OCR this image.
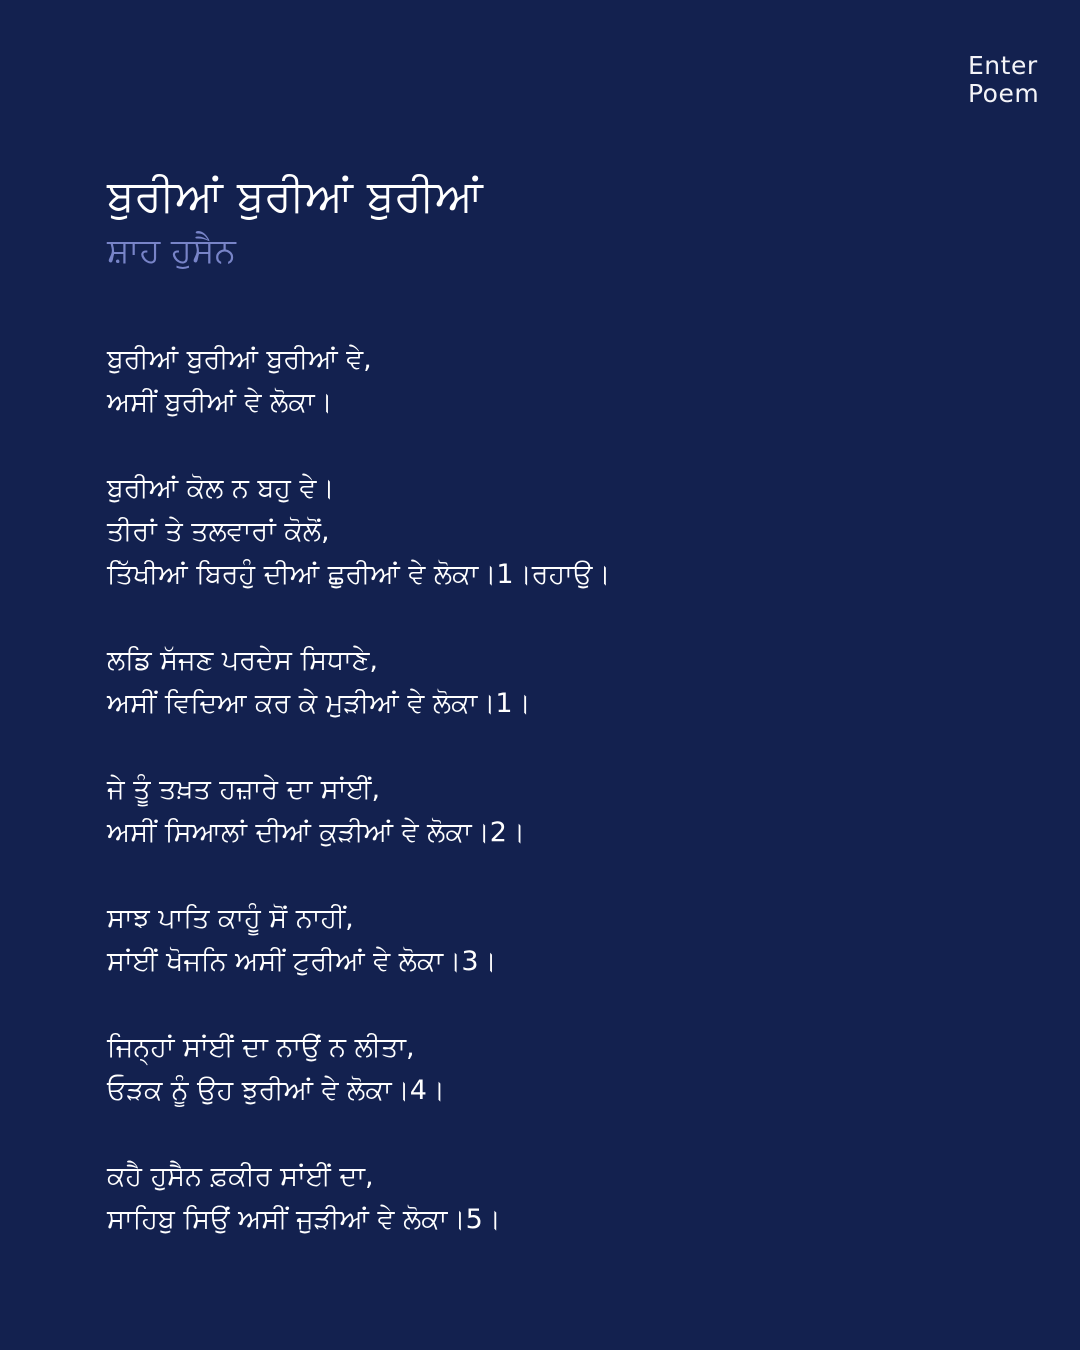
Enter
Poem
ਬੁਰੀਆਂ ਬੁਰੀਆਂ ਬੁਰੀਆਂ
ਸ਼ਾਹ ਹੁਸੈਨ
ਬੁਰੀਆਂ ਬੁਰੀਆਂ ਬੁਰੀਆਂ ਵੇ,
ਅਸੀਂ ਬੁਰੀਆਂ ਵੇ ਲੋਕਾ।
ਬੁਰੀਆਂ ਕੋਲ ਨ ਬਹੁ ਵੇ।
ਤੀਰਾਂ ਤੇ ਤਲਵਾਰਾਂ ਕੋਲੋਂ,
ਤਿੱਖੀਆਂ ਬਿਰਹੁੰ ਦੀਆਂ ਛੁਰੀਆਂ ਵੇ ਲੋਕਾ।1।ਰਹਾਉ।
ਲਡਿ ਸੱਜਣ ਪਰਦੇਸ ਸਿਧਾਣੇ,
ਅਸੀਂ ਵਿਦਿਆ ਕਰ ਕੇ ਮੁੜੀਆਂ ਵੇ ਲੋਕਾ।1।
ਜੇ ਤੂੰ ਤਖ਼ਤ ਹਜ਼ਾਰੇ ਦਾ ਸਾਂਈਂ,
ਅਸੀਂ ਸਿਆਲਾਂ ਦੀਆਂ ਕੁੜੀਆਂ ਵੇ ਲੋਕਾ।2।
ਸਾਝ ਪਾਤਿ ਕਾਹੂੰ ਸੋਂ ਨਾਹੀਂ,
ਸਾਂਈਂ ਖੋਜਨਿ ਅਸੀਂ ਟੁਰੀਆਂ ਵੇ ਲੋਕਾ।3।
ਜਿਨ੍ਹਾਂ ਸਾਂਈਂ ਦਾ ਨਾਉਂ ਨ ਲੀਤਾ,
ਓੜਕ ਨੂੰ ਉਹ ਝੁਰੀਆਂ ਵੇ ਲੋਕਾ।4।
ਕਹੈ ਹੁਸੈਨ ਫ਼ਕੀਰ ਸਾਂਈਂ ਦਾ,
ਸਾਹਿਬੁ ਸਿਉਂ ਅਸੀਂ ਜੁੜੀਆਂ ਵੇ ਲੋਕਾ।5।
